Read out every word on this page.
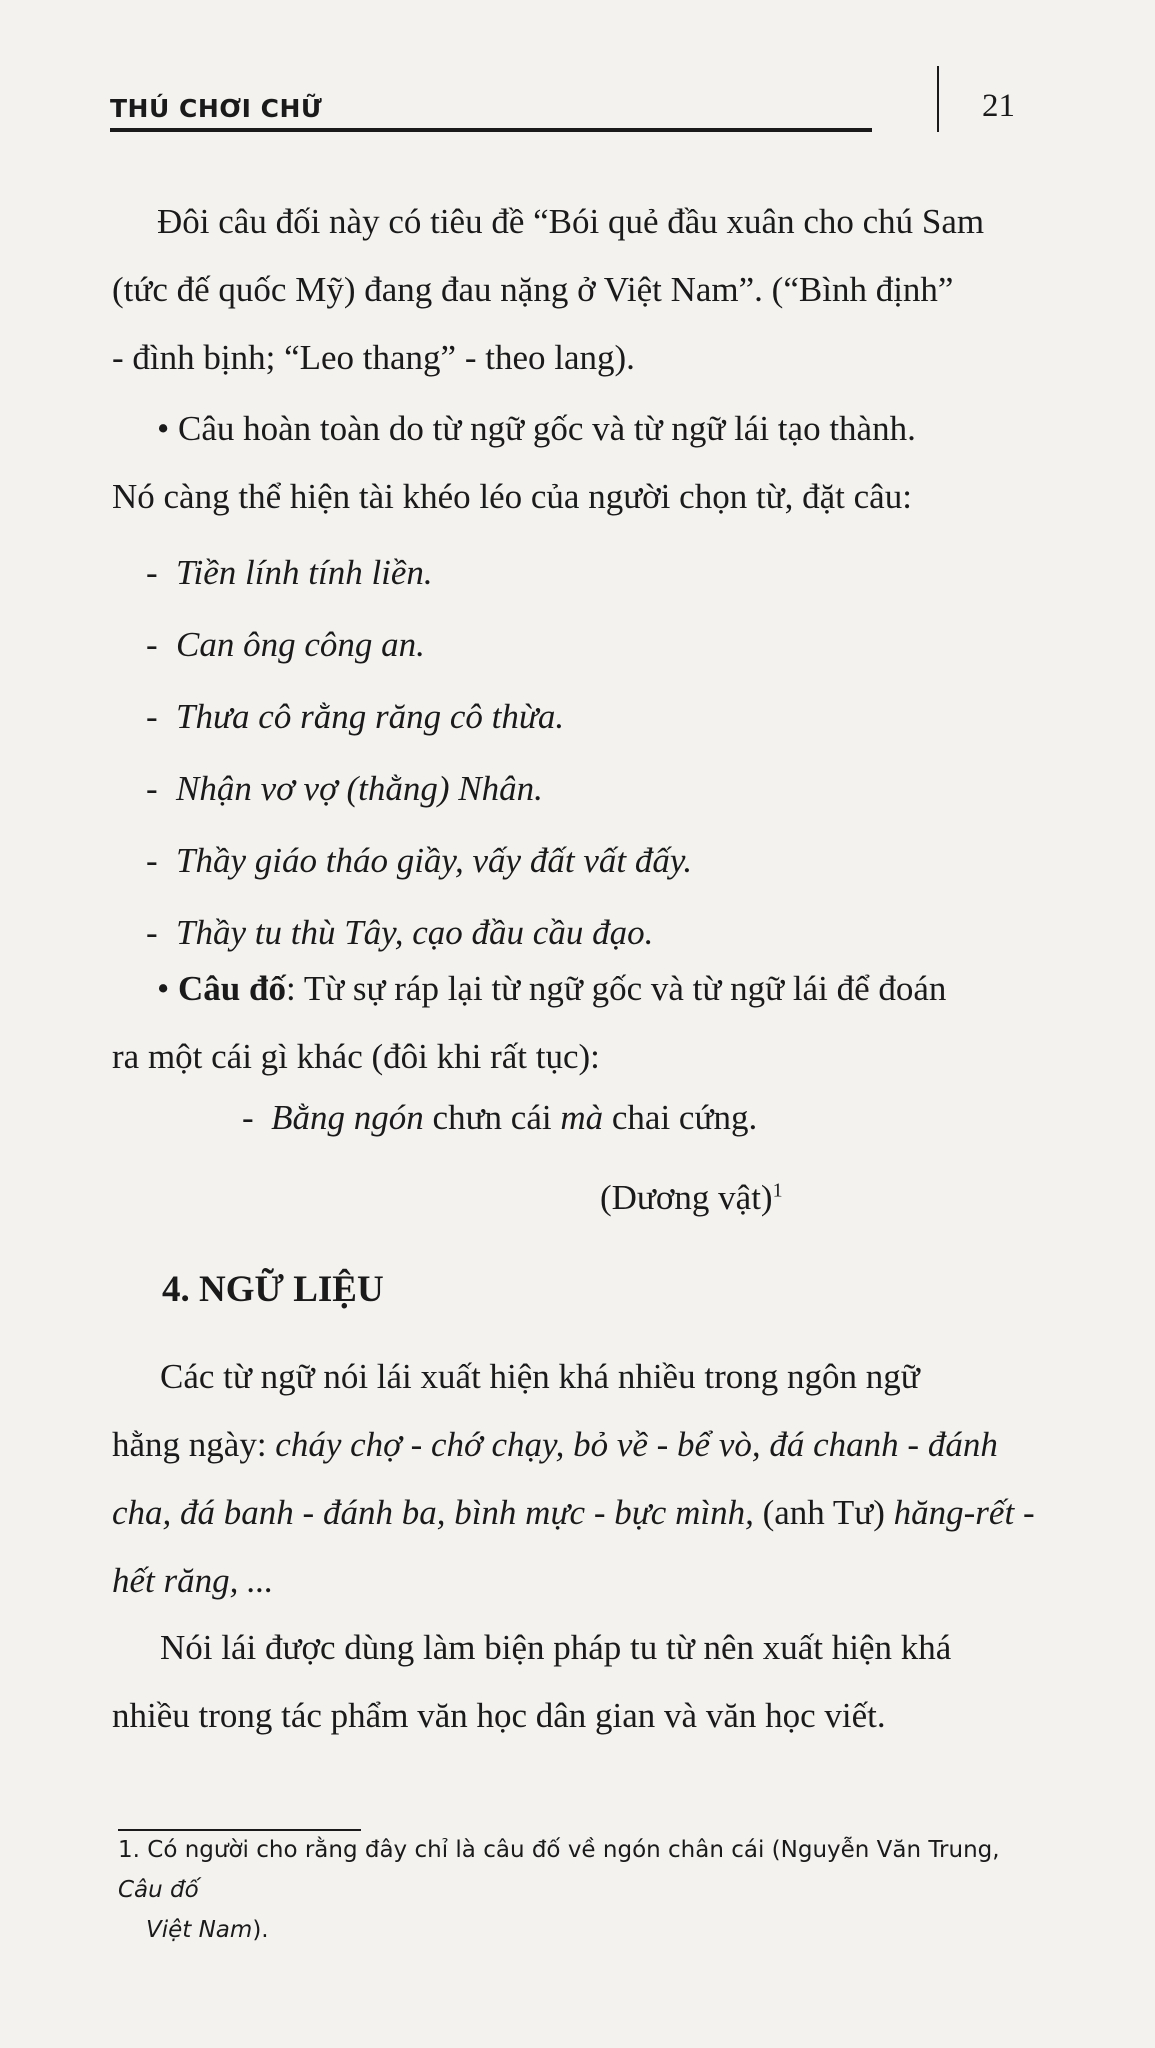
THÚ CHƠI CHỮ	21
Đôi câu đối này có tiêu đề “Bói quẻ đầu xuân cho chú Sam
(tức đế quốc Mỹ) đang đau nặng ở Việt Nam”. (“Bình định”
- đình bịnh; “Leo thang” - theo lang).
• Câu hoàn toàn do từ ngữ gốc và từ ngữ lái tạo thành.
Nó càng thể hiện tài khéo léo của người chọn từ, đặt câu:
- Tiền lính tính liền.
- Can ông công an.
- Thưa cô rằng răng cô thừa.
- Nhận vơ vợ (thằng) Nhân.
- Thầy giáo tháo giầy, vấy đất vất đấy.
- Thầy tu thù Tây, cạo đầu cầu đạo.
• Câu đố: Từ sự ráp lại từ ngữ gốc và từ ngữ lái để đoán
ra một cái gì khác (đôi khi rất tục):
- Bằng ngón chưn cái mà chai cứng.
(Dương vật)$^1$
4. NGỮ LIỆU
Các từ ngữ nói lái xuất hiện khá nhiều trong ngôn ngữ
hằng ngày: cháy chợ - chớ chạy, bỏ về - bể vò, đá chanh - đánh
cha, đá banh - đánh ba, bình mực - bực mình, (anh Tư) hăng-rết -
hết răng, ...
Nói lái được dùng làm biện pháp tu từ nên xuất hiện khá
nhiều trong tác phẩm văn học dân gian và văn học viết.
1. Có người cho rằng đây chỉ là câu đố về ngón chân cái (Nguyễn Văn Trung, Câu đố
Việt Nam).
